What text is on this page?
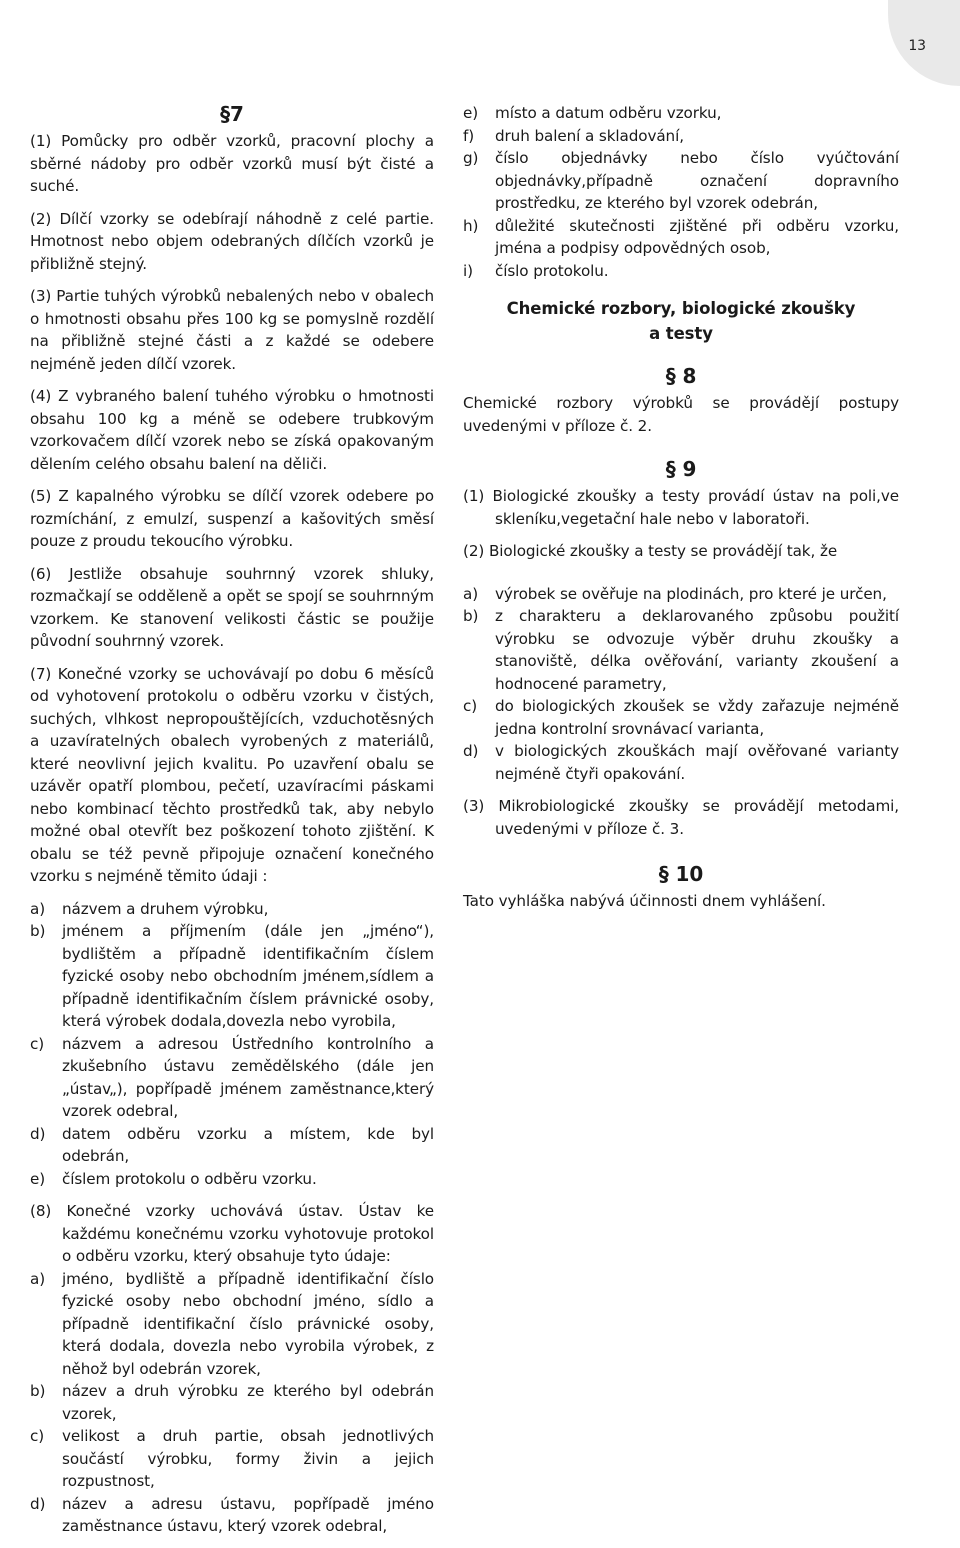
13
§7

(1) Pomůcky pro odběr vzorků, pracovní plochy a sběrné nádoby pro odběr vzorků musí být čisté a suché.

(2) Dílčí vzorky se odebírají náhodně z celé partie. Hmotnost nebo objem odebraných dílčích vzorků je přibližně stejný.

(3) Partie tuhých výrobků nebalených nebo v obalech o hmotnosti obsahu přes 100 kg se pomyslně rozdělí na přibližně stejné části a z každé se odebere nejméně jeden dílčí vzorek.

(4) Z vybraného balení tuhého výrobku o hmotnosti obsahu 100 kg a méně se odebere trubkovým vzorkovačem dílčí vzorek nebo se získá opakovaným dělením celého obsahu balení na děliči.

(5) Z kapalného výrobku se dílčí vzorek odebere po rozmíchání, z emulzí, suspenzí a kašovitých směsí pouze z proudu tekoucího výrobku.

(6) Jestliže obsahuje souhrnný vzorek shluky, rozmačkají se odděleně a opět se spojí se souhrnným vzorkem. Ke stanovení velikosti částic se použije původní souhrnný vzorek.

(7) Konečné vzorky se uchovávají po dobu 6 měsíců od vyhotovení protokolu o odběru vzorku v čistých, suchých, vlhkost nepropouštějících, vzduchotěsných a uzavíratelných obalech vyrobených z materiálů, které neovlivní jejich kvalitu. Po uzavření obalu se uzávěr opatří plombou, pečetí, uzavíracími páskami nebo kombinací těchto prostředků tak, aby nebylo možné obal otevřít bez poškození tohoto zjištění. K obalu se též pevně připojuje označení konečného vzorku s nejméně těmito údaji :

a) názvem a druhem výrobku,
b) jménem a příjmením (dále jen „jméno“), bydlištěm a případně identifikačním číslem fyzické osoby nebo obchodním jménem,sídlem a případně identifikačním číslem právnické osoby, která výrobek dodala,dovezla nebo vyrobila,
c) názvem a adresou Ústředního kontrolního a zkušebního ústavu zemědělského (dále jen „ústav„), popřípadě jménem zaměstnance,který vzorek odebral,
d) datem odběru vzorku a místem, kde byl odebrán,
e) číslem protokolu o odběru vzorku.

(8) Konečné vzorky uchovává ústav. Ústav ke každému konečnému vzorku vyhotovuje protokol o odběru vzorku, který obsahuje tyto údaje:

a) jméno, bydliště a případně identifikační číslo fyzické osoby nebo obchodní jméno, sídlo a případně identifikační číslo právnické osoby, která dodala, dovezla nebo vyrobila výrobek, z něhož byl odebrán vzorek,
b) název a druh výrobku ze kterého byl odebrán vzorek,
c) velikost a druh partie, obsah jednotlivých součástí výrobku, formy živin a jejich rozpustnost,
d) název a adresu ústavu, popřípadě jméno zaměstnance ústavu, který vzorek odebral,
e) místo a datum odběru vzorku,
f) druh balení a skladování,
g) číslo objednávky nebo číslo vyúčtování objednávky,případně označení dopravního prostředku, ze kterého byl vzorek odebrán,
h) důležité skutečnosti zjištěné při odběru vzorku, jména a podpisy odpovědných osob,
i) číslo protokolu.
Chemické rozbory, biologické zkoušky
a testy
§ 8

Chemické rozbory výrobků se provádějí postupy uvedenými v příloze č. 2.

§ 9

(1) Biologické zkoušky a testy provádí ústav na poli,ve skleníku,vegetační hale nebo v laboratoři.

(2) Biologické zkoušky a testy se provádějí tak, že

a) výrobek se ověřuje na plodinách, pro které je určen,
b) z charakteru a deklarovaného způsobu použití výrobku se odvozuje výběr druhu zkoušky a stanoviště, délka ověřování, varianty zkoušení a hodnocené parametry,
c) do biologických zkoušek se vždy zařazuje nejméně jedna kontrolní srovnávací varianta,
d) v biologických zkouškách mají ověřované varianty nejméně čtyři opakování.

(3) Mikrobiologické zkoušky se provádějí metodami, uvedenými v příloze č. 3.

§ 10

Tato vyhláška nabývá účinnosti dnem vyhlášení.
